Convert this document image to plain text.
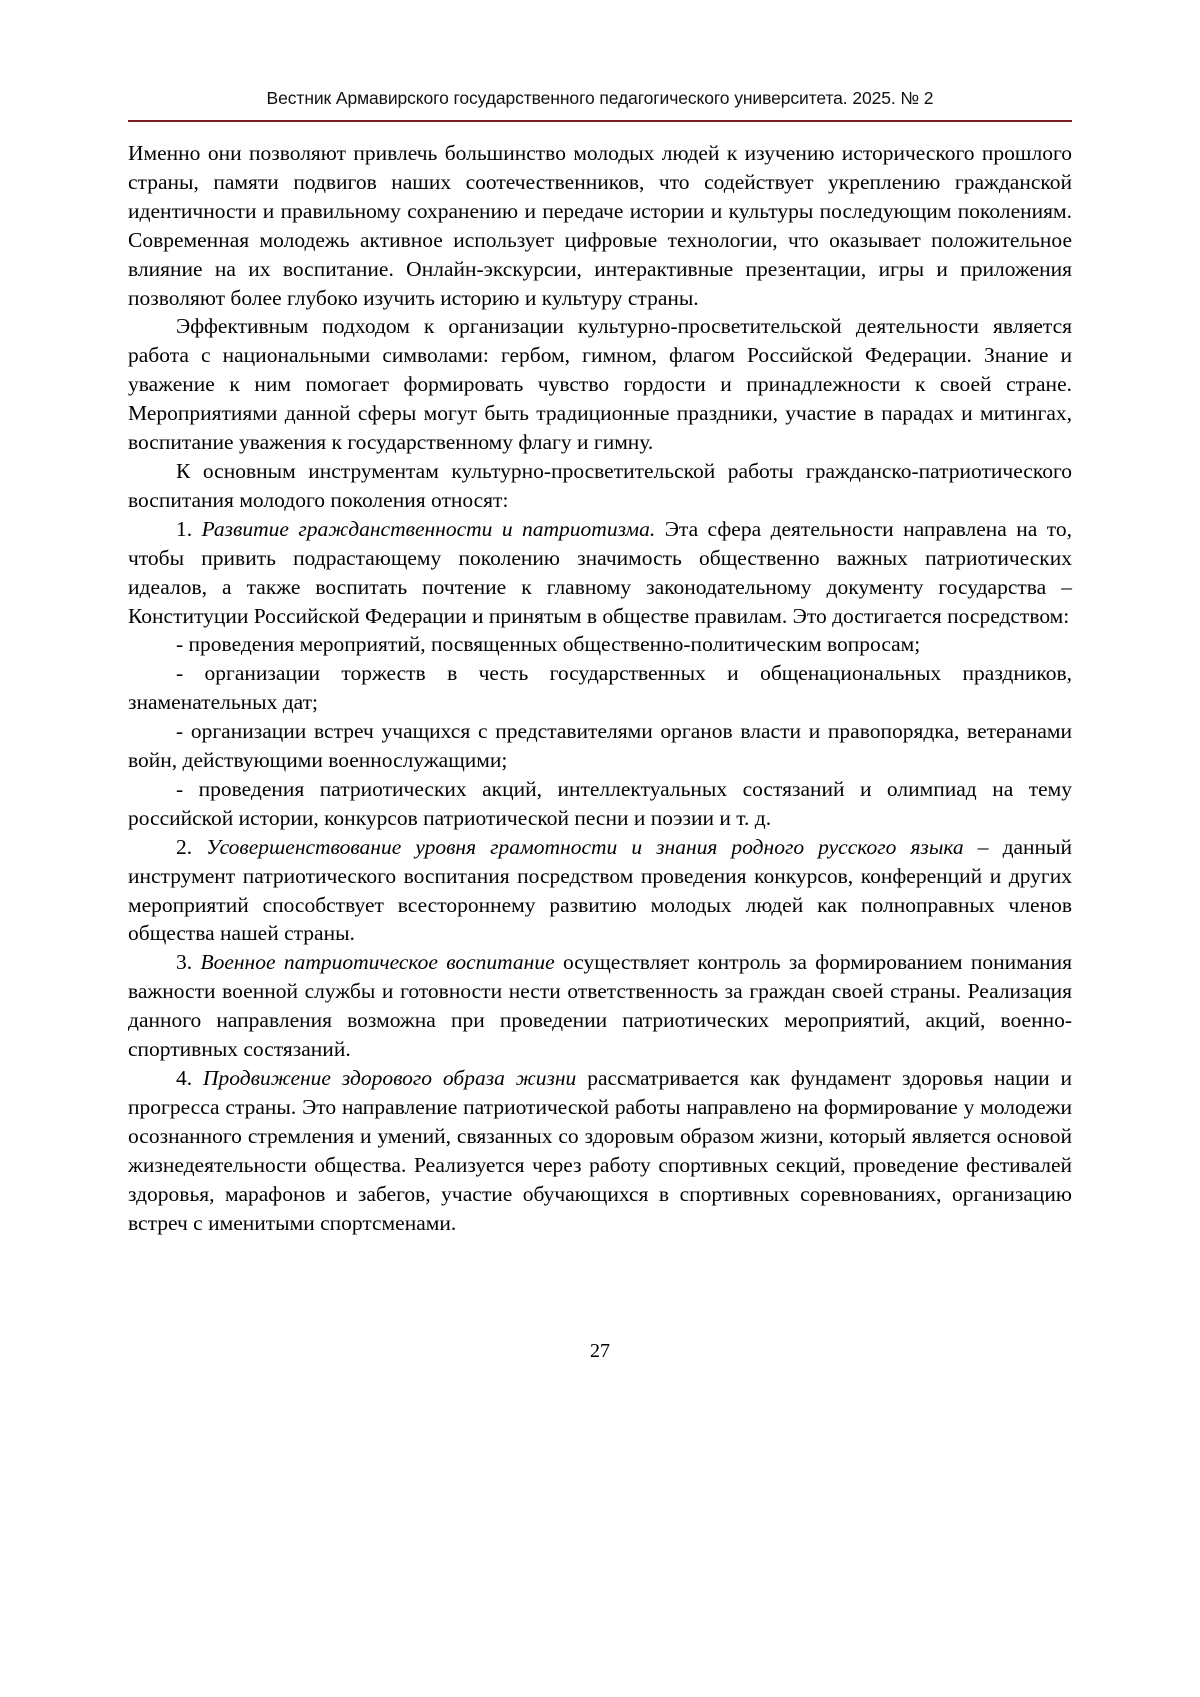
Вестник Армавирского государственного педагогического университета. 2025. № 2

Именно они позволяют привлечь большинство молодых людей к изучению исторического прошлого страны, памяти подвигов наших соотечественников, что содействует укреплению гражданской идентичности и правильному сохранению и передаче истории и культуры последующим поколениям. Современная молодежь активное использует цифровые технологии, что оказывает положительное влияние на их воспитание. Онлайн-экскурсии, интерактивные презентации, игры и приложения позволяют более глубоко изучить историю и культуру страны.

Эффективным подходом к организации культурно-просветительской деятельности является работа с национальными символами: гербом, гимном, флагом Российской Федерации. Знание и уважение к ним помогает формировать чувство гордости и принадлежности к своей стране. Мероприятиями данной сферы могут быть традиционные праздники, участие в парадах и митингах, воспитание уважения к государственному флагу и гимну.

К основным инструментам культурно-просветительской работы гражданско-патриотического воспитания молодого поколения относят:

1. Развитие гражданственности и патриотизма. Эта сфера деятельности направлена на то, чтобы привить подрастающему поколению значимость общественно важных патриотических идеалов, а также воспитать почтение к главному законодательному документу государства – Конституции Российской Федерации и принятым в обществе правилам. Это достигается посредством:

- проведения мероприятий, посвященных общественно-политическим вопросам;

- организации торжеств в честь государственных и общенациональных праздников, знаменательных дат;

- организации встреч учащихся с представителями органов власти и правопорядка, ветеранами войн, действующими военнослужащими;

- проведения патриотических акций, интеллектуальных состязаний и олимпиад на тему российской истории, конкурсов патриотической песни и поэзии и т. д.

2. Усовершенствование уровня грамотности и знания родного русского языка – данный инструмент патриотического воспитания посредством проведения конкурсов, конференций и других мероприятий способствует всестороннему развитию молодых людей как полноправных членов общества нашей страны.

3. Военное патриотическое воспитание осуществляет контроль за формированием понимания важности военной службы и готовности нести ответственность за граждан своей страны. Реализация данного направления возможна при проведении патриотических мероприятий, акций, военно-спортивных состязаний.

4. Продвижение здорового образа жизни рассматривается как фундамент здоровья нации и прогресса страны. Это направление патриотической работы направлено на формирование у молодежи осознанного стремления и умений, связанных со здоровым образом жизни, который является основой жизнедеятельности общества. Реализуется через работу спортивных секций, проведение фестивалей здоровья, марафонов и забегов, участие обучающихся в спортивных соревнованиях, организацию встреч с именитыми спортсменами.

27
